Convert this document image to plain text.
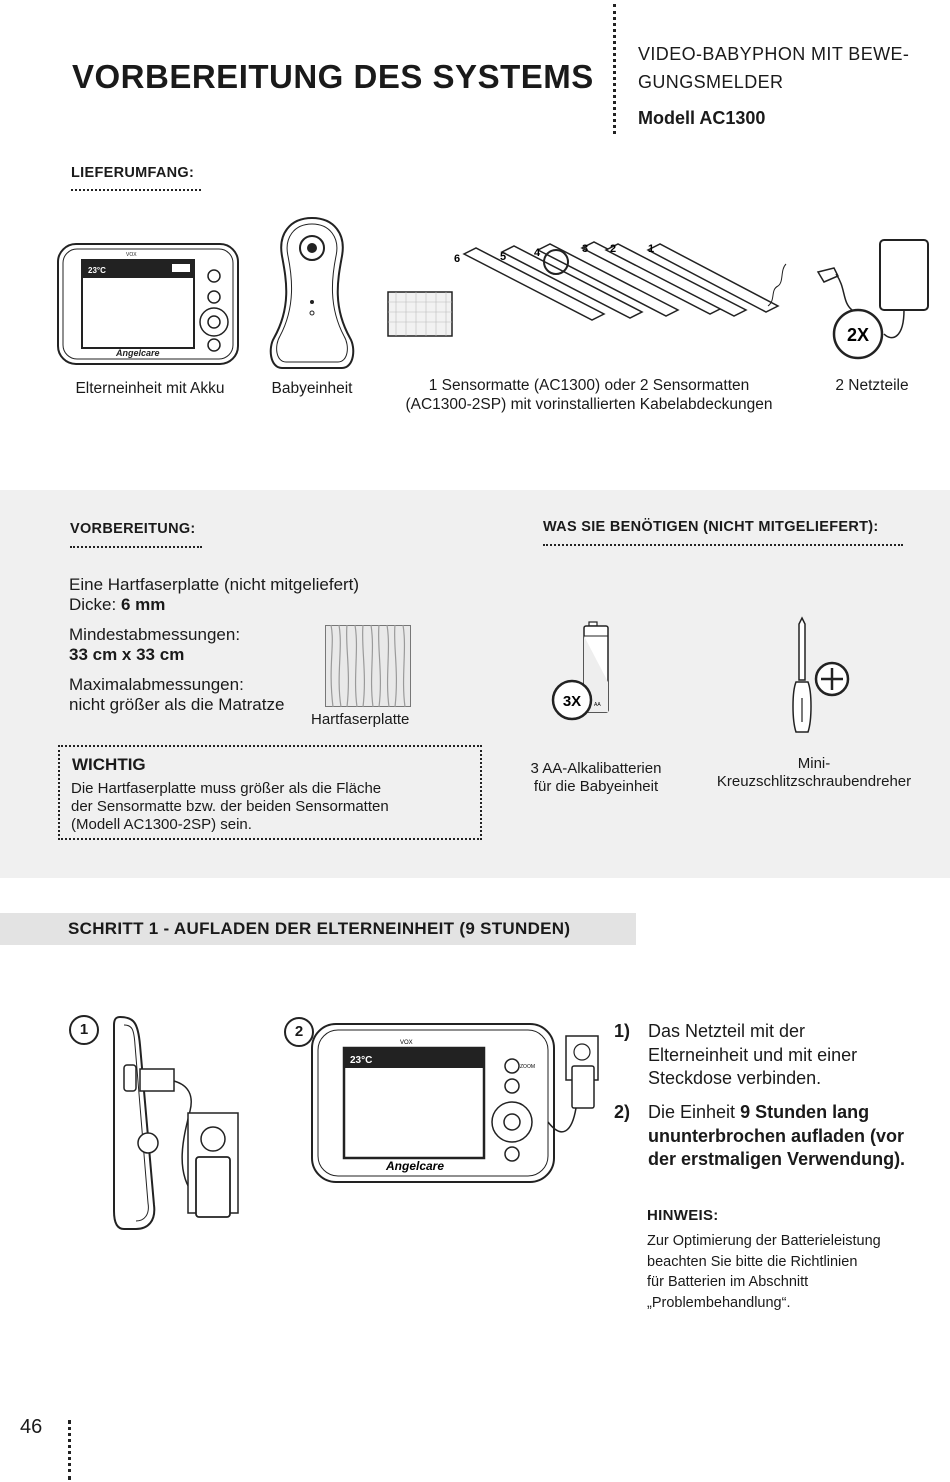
VORBEREITUNG DES SYSTEMS
VIDEO-BABYPHON MIT BEWE-
GUNGSMELDER
Modell AC1300
LIEFERUMFANG:
23°C
VOX
Angelcare
6	5	4	3 2	1
2X
Elterneinheit mit Akku	Babyeinheit	1 Sensormatte (AC1300) oder 2 Sensormatten
(AC1300-2SP) mit vorinstallierten Kabelabdeckungen
2 Netzteile
VORBEREITUNG:	WAS SIE BENÖTIGEN (NICHT MITGELIEFERT):
Eine Hartfaserplatte (nicht mitgeliefert)
Dicke: 6 mm
Mindestabmessungen:
33 cm x 33 cm
Maximalabmessungen:
nicht größer als die Matratze
Hartfaserplatte
WICHTIG
Die Hartfaserplatte muss größer als die Fläche
der Sensormatte bzw. der beiden Sensormatten
(Modell AC1300-2SP) sein.
AA
3X
3 AA-Alkalibatterien
für die Babyeinheit
Mini-
Kreuzschlitzschraubendreher
SCHRITT 1 - AUFLADEN DER ELTERNEINHEIT (9 STUNDEN)
1	2
23°C
VOX
ZOOM
Angelcare
1) Das Netzteil mit der
Elterneinheit und mit einer
Steckdose verbinden.
2) Die Einheit 9 Stunden lang
ununterbrochen aufladen (vor
der erstmaligen Verwendung).
HINWEIS:
Zur Optimierung der Batterieleistung
beachten Sie bitte die Richtlinien
für Batterien im Abschnitt
„Problembehandlung“.
46
